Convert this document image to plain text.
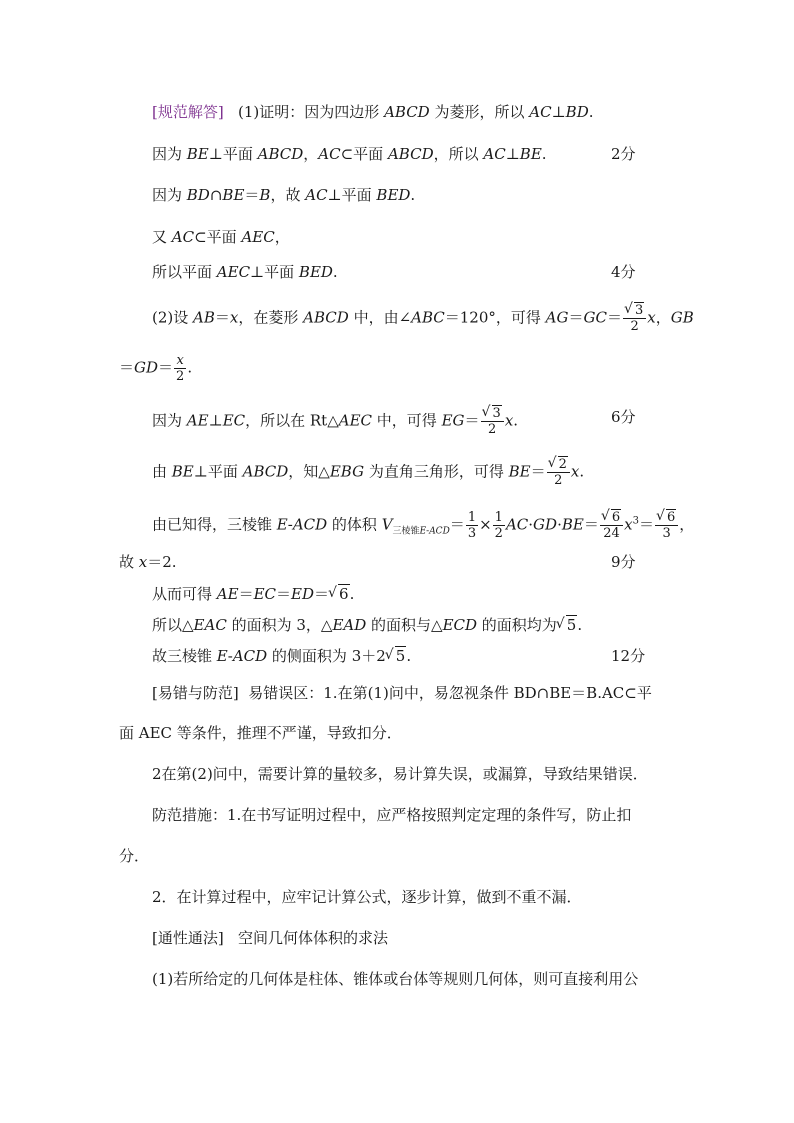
[规范解答]   (1)证明：因为四边形 ABCD 为菱形，所以 AC⊥BD.
因为 BE⊥平面 ABCD，AC⊂平面 ABCD，所以 AC⊥BE.	2分
因为 BD∩BE＝B，故 AC⊥平面 BED.
又 AC⊂平面 AEC，
所以平面 AEC⊥平面 BED.	4分
(2)设 AB＝x，在菱形 ABCD 中，由∠ABC＝120°，可得 AG＝GC＝ √ $\frac{3}{2}$ x，GB
$=GD= \frac{x}{2}$ .
因为 AE⊥EC，所以在 Rt△AEC 中，可得 EG＝ √ $\frac{3}{2} x$.	6分
由 BE⊥平面 ABCD，知△EBG 为直角三角形，可得 BE＝ √ $\frac{2}{2} x$.
由已知得，三棱锥 E-ACD 的体积 $V_{三棱锥E-ACD}= \frac{1}{3} \times \frac{1}{2} AC\cdot GD\cdot BE=$ √ $\frac{6}{24} x^3=$ √ $\frac{6}{3}$ ，
故 x＝2.	9分
从而可得 AE＝EC＝ED＝ √ 6.
所以△EAC 的面积为 3，△EAD 的面积与△ECD 的面积均为 √ 5.
故三棱锥 E-ACD 的侧面积为 3＋2 √ 5.	12分
[易错与防范] 易错误区：1.在第(1)问中，易忽视条件 BD∩BE＝B.AC⊂平
面 AEC 等条件，推理不严谨，导致扣分．
2在第(2)问中，需要计算的量较多，易计算失误，或漏算，导致结果错误．
防范措施：1.在书写证明过程中，应严格按照判定定理的条件写，防止扣
分．
2．在计算过程中，应牢记计算公式，逐步计算，做到不重不漏．
[通性通法] 空间几何体体积的求法
(1)若所给定的几何体是柱体、锥体或台体等规则几何体，则可直接利用公
